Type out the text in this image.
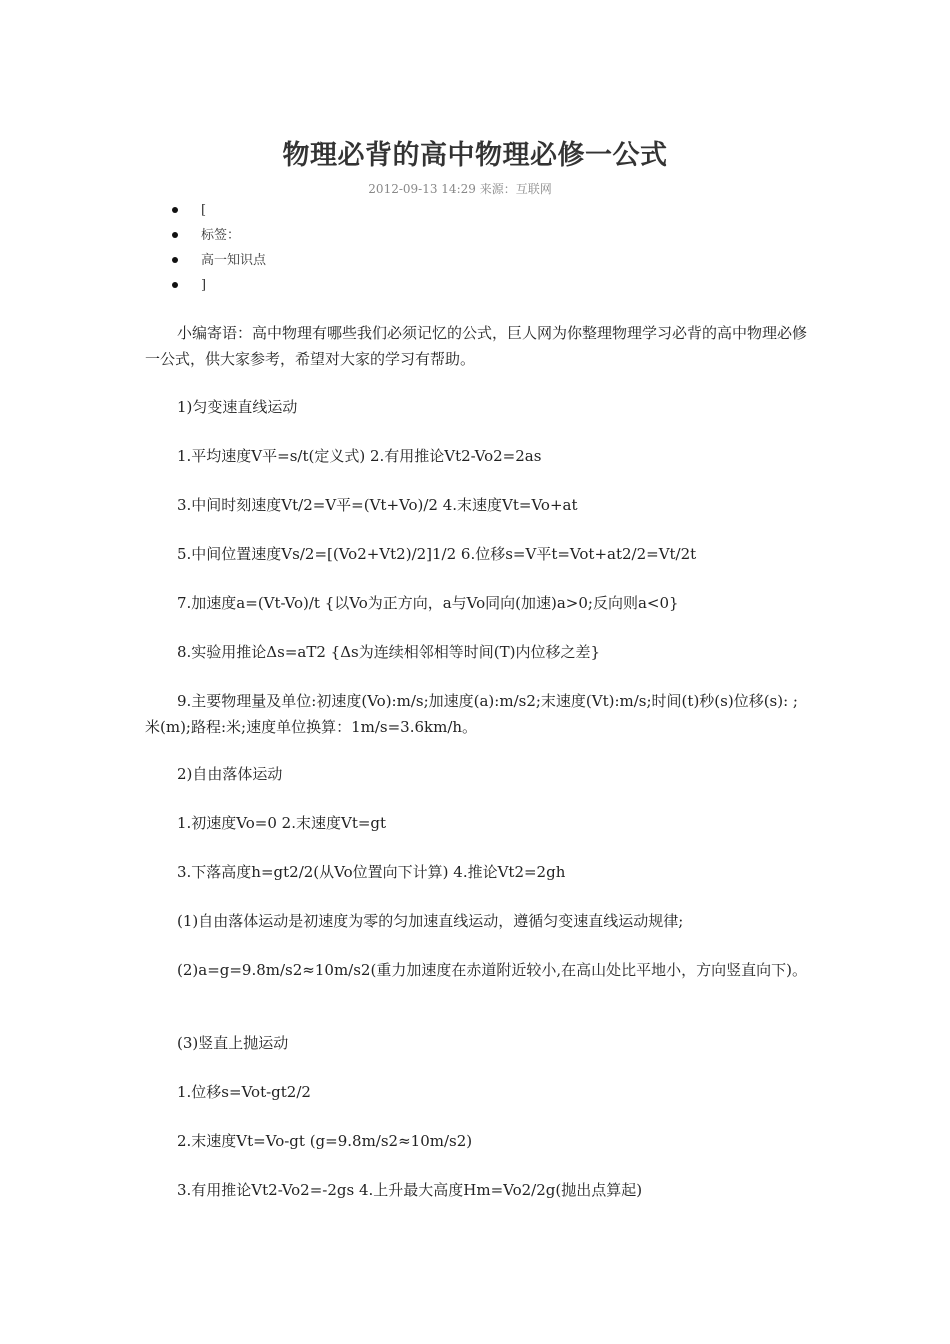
物理必背的高中物理必修一公式
2012-09-13 14:29 来源：互联网
[
标签：
高一知识点
]

小编寄语：高中物理有哪些我们必须记忆的公式，巨人网为你整理物理学习必背的高中物理必修一公式，供大家参考，希望对大家的学习有帮助。

1)匀变速直线运动

1.平均速度V平=s/t(定义式) 2.有用推论Vt2-Vo2=2as

3.中间时刻速度Vt/2=V平=(Vt+Vo)/2 4.末速度Vt=Vo+at

5.中间位置速度Vs/2=[(Vo2+Vt2)/2]1/2 6.位移s=V平t=Vot+at2/2=Vt/2t

7.加速度a=(Vt-Vo)/t {以Vo为正方向，a与Vo同向(加速)a>0;反向则a<0}

8.实验用推论Δs=aT2 {Δs为连续相邻相等时间(T)内位移之差}

9.主要物理量及单位:初速度(Vo):m/s;加速度(a):m/s2;末速度(Vt):m/s;时间(t)秒(s)位移(s): ;米(m);路程:米;速度单位换算：1m/s=3.6km/h。

2)自由落体运动

1.初速度Vo=0 2.末速度Vt=gt

3.下落高度h=gt2/2(从Vo位置向下计算) 4.推论Vt2=2gh

(1)自由落体运动是初速度为零的匀加速直线运动，遵循匀变速直线运动规律;

(2)a=g=9.8m/s2≈10m/s2(重力加速度在赤道附近较小,在高山处比平地小，方向竖直向下)。

(3)竖直上抛运动

1.位移s=Vot-gt2/2

2.末速度Vt=Vo-gt (g=9.8m/s2≈10m/s2)

3.有用推论Vt2-Vo2=-2gs 4.上升最大高度Hm=Vo2/2g(抛出点算起)
